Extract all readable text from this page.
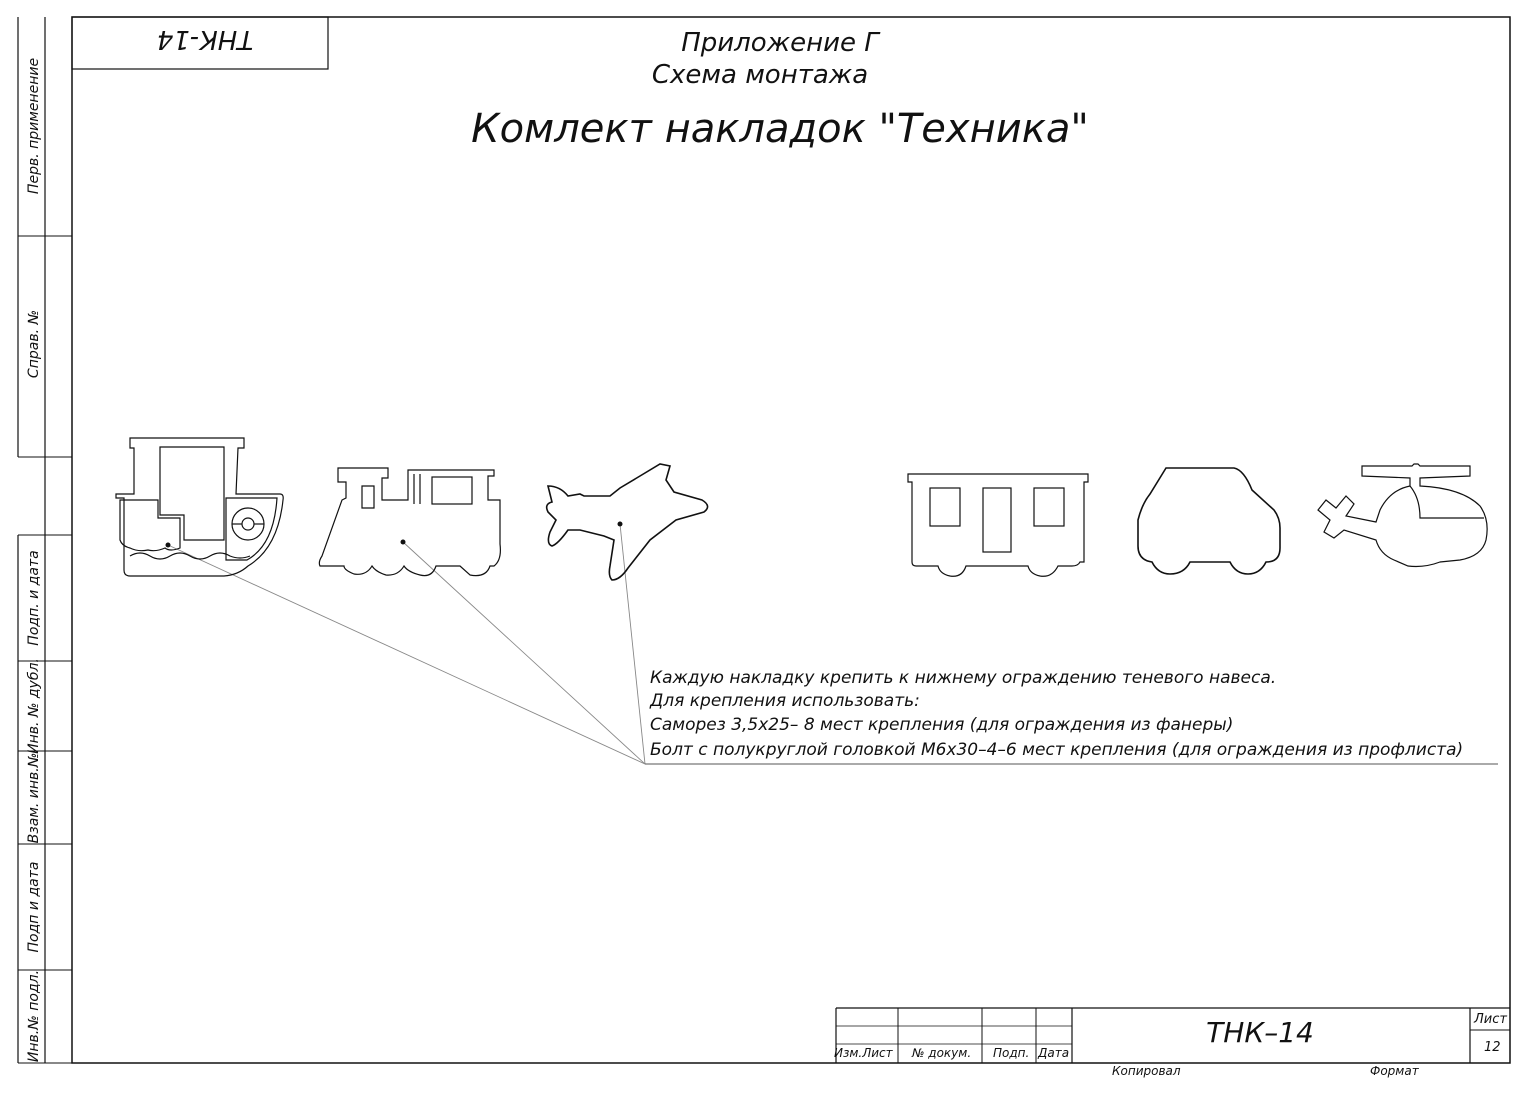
ТНК-14	Приложение Г
Схема монтажа
Комлект накладок "Техника"
Перв. применение
Справ. №
Подп. и дата
Инв. № дубл.
Взам. инв.№
Подп и дата
Инв.№ подл.
Каждую накладку крепить к нижнему ограждению теневого навеса.
Для крепления использовать:
Саморез 3,5х25– 8 мест крепления (для ограждения из фанеры)
Болт с полукруглой головкой М6х30–4–6 мест крепления (для ограждения из профлиста)
Изм.Лист № докум. Подп. Дата
ТНК–14	Лист
12
Копировал	Формат
